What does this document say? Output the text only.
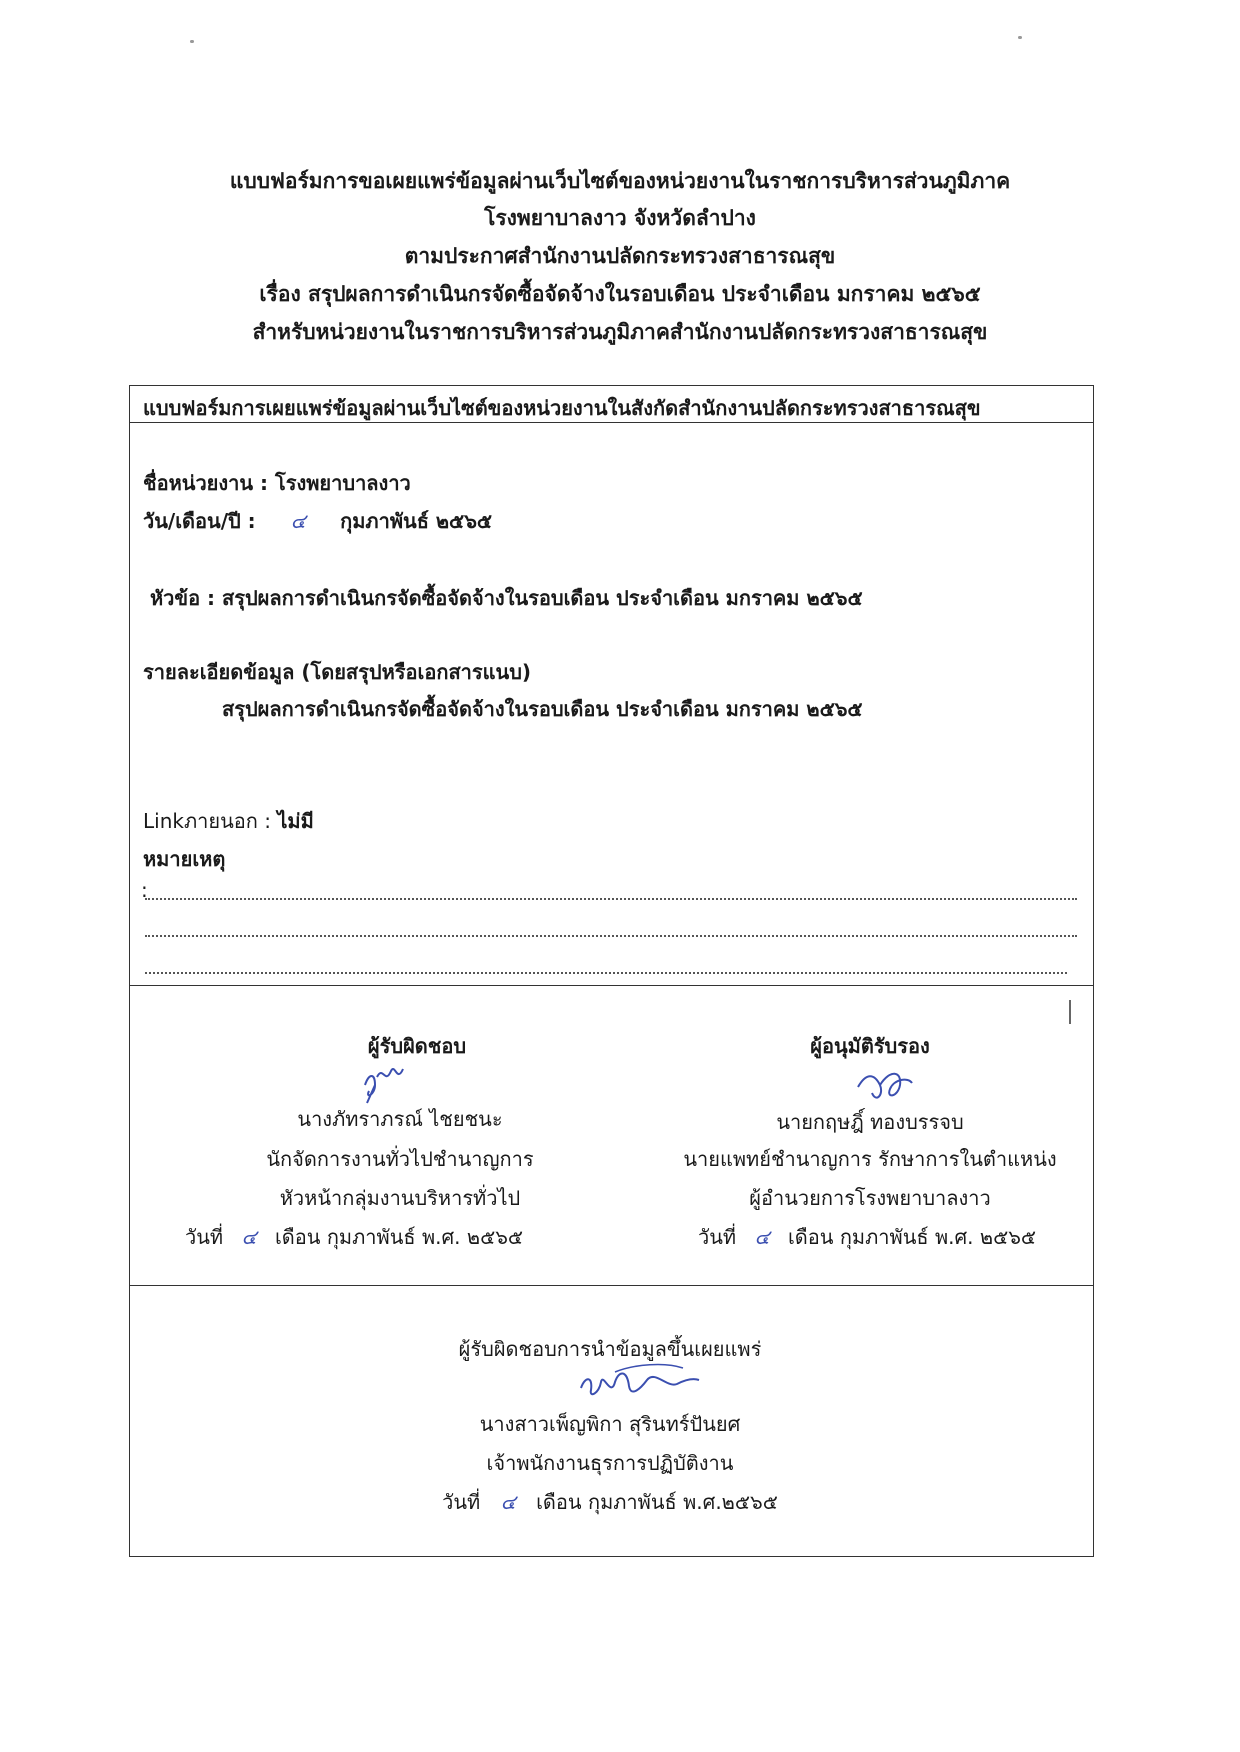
แบบฟอร์มการขอเผยแพร่ข้อมูลผ่านเว็บไซต์ของหน่วยงานในราชการบริหารส่วนภูมิภาค
โรงพยาบาลงาว จังหวัดลำปาง
ตามประกาศสำนักงานปลัดกระทรวงสาธารณสุข
เรื่อง สรุปผลการดำเนินกรจัดซื้อจัดจ้างในรอบเดือน ประจำเดือน มกราคม ๒๕๖๕
สำหรับหน่วยงานในราชการบริหารส่วนภูมิภาคสำนักงานปลัดกระทรวงสาธารณสุข
แบบฟอร์มการเผยแพร่ข้อมูลผ่านเว็บไซต์ของหน่วยงานในสังกัดสำนักงานปลัดกระทรวงสาธารณสุข
ชื่อหน่วยงาน : โรงพยาบาลงาว
วัน/เดือน/ปี : ๔ กุมภาพันธ์ ๒๕๖๕
หัวข้อ : สรุปผลการดำเนินกรจัดซื้อจัดจ้างในรอบเดือน ประจำเดือน มกราคม ๒๕๖๕
รายละเอียดข้อมูล (โดยสรุปหรือเอกสารแนบ)
สรุปผลการดำเนินกรจัดซื้อจัดจ้างในรอบเดือน ประจำเดือน มกราคม ๒๕๖๕
Linkภายนอก : ไม่มี
หมายเหตุ
:
ผู้รับผิดชอบ
นางภัทราภรณ์ ไชยชนะ
นักจัดการงานทั่วไปชำนาญการ
หัวหน้ากลุ่มงานบริหารทั่วไป
วันที่ ๔ เดือน กุมภาพันธ์ พ.ศ. ๒๕๖๕
ผู้อนุมัติรับรอง
นายกฤษฎิ์ ทองบรรจบ
นายแพทย์ชำนาญการ รักษาการในตำแหน่ง
ผู้อำนวยการโรงพยาบาลงาว
วันที่ ๔ เดือน กุมภาพันธ์ พ.ศ. ๒๕๖๕
ผู้รับผิดชอบการนำข้อมูลขึ้นเผยแพร่
นางสาวเพ็ญพิกา สุรินทร์ปันยศ
เจ้าพนักงานธุรการปฏิบัติงาน
วันที่ ๔ เดือน กุมภาพันธ์ พ.ศ.๒๕๖๕
